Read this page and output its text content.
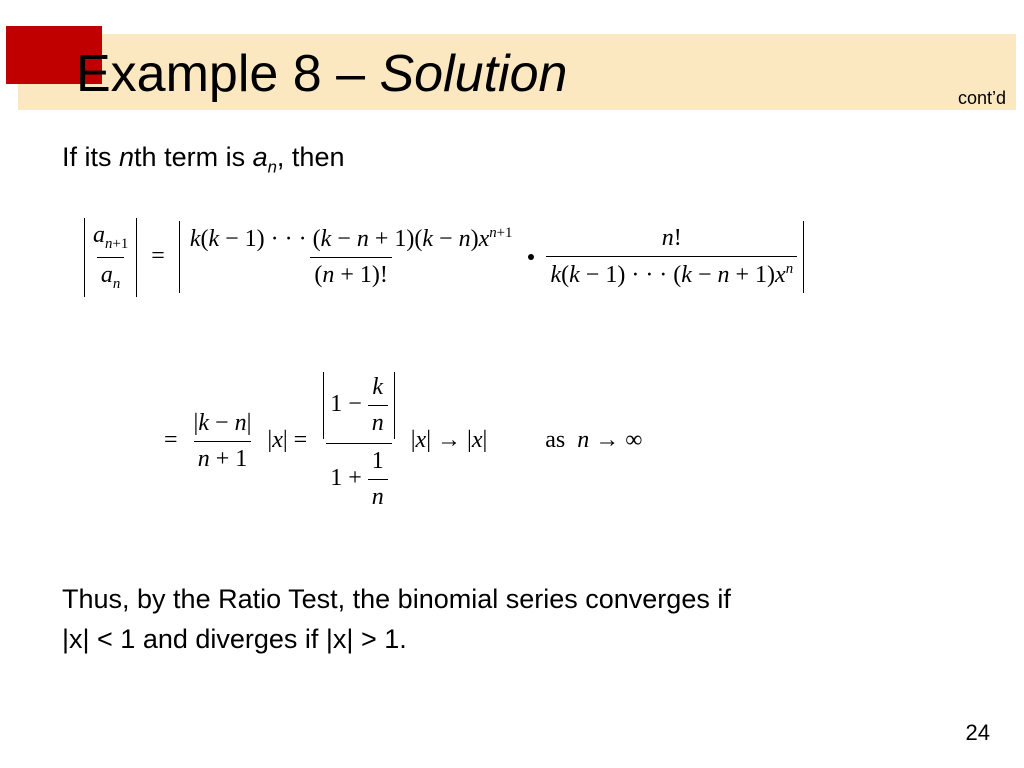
Example 8 – Solution	cont’d
If its nth term is $a_n$, then
$\frac{a_{n+1}}{a_n} = \frac{k(k - 1) \cdot \cdot \cdot (k - n + 1)(k - n)x^{n+1}}{(n + 1)!}$
$\frac{n!}{k(k - 1) \cdot \cdot \cdot (k - n + 1)x^n}$
= $\frac{|k - n|}{n + 1} |x| = \frac{1 - \frac{k}{n}}{1 + \frac{1}{n}} |x| \to |x|$ as  n → ∞
Thus, by the Ratio Test, the binomial series converges if
|x| < 1 and diverges if |x| > 1.
24
